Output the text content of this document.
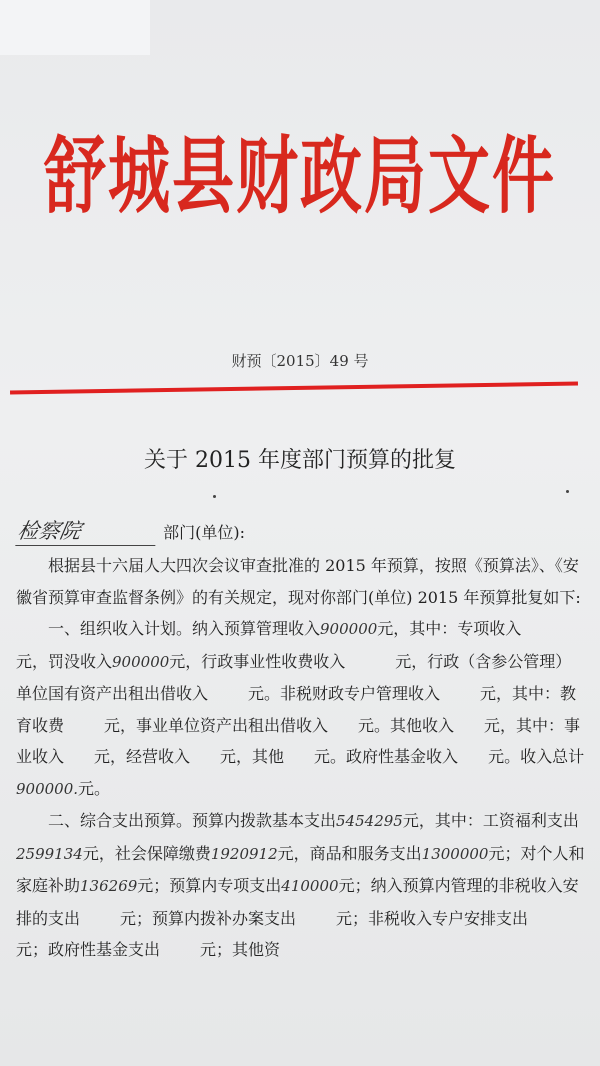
舒城县财政局文件
财预〔2015〕49 号
关于 2015 年度部门预算的批复
检察院	部门(单位):

根据县十六届人大四次会议审查批准的 2015 年预算，按照《预算法》、《安徽省预算审查监督条例》的有关规定，现对你部门(单位) 2015 年预算批复如下:

一、组织收入计划。纳入预算管理收入900000元，其中：专项收入元，罚没收入900000元，行政事业性收费收入	元，行政（含参公管理）单位国有资产出租出借收入	元。非税财政专户管理收入	元，其中：教育收费	元，事业单位资产出租出借收入 元。其他收入 元，其中：事业收入 元，经营收入 元，其他 元。政府性基金收入 元。收入总计900000.元。

二、综合支出预算。预算内拨款基本支出5454295元，其中：工资福利支出2599134元，社会保障缴费1920912元，商品和服务支出1300000元；对个人和家庭补助136269元；预算内专项支出410000元；纳入预算内管理的非税收入安排的支出	元；预算内拨补办案支出	元；非税收入专户安排支出元；政府性基金支出	元；其他资
